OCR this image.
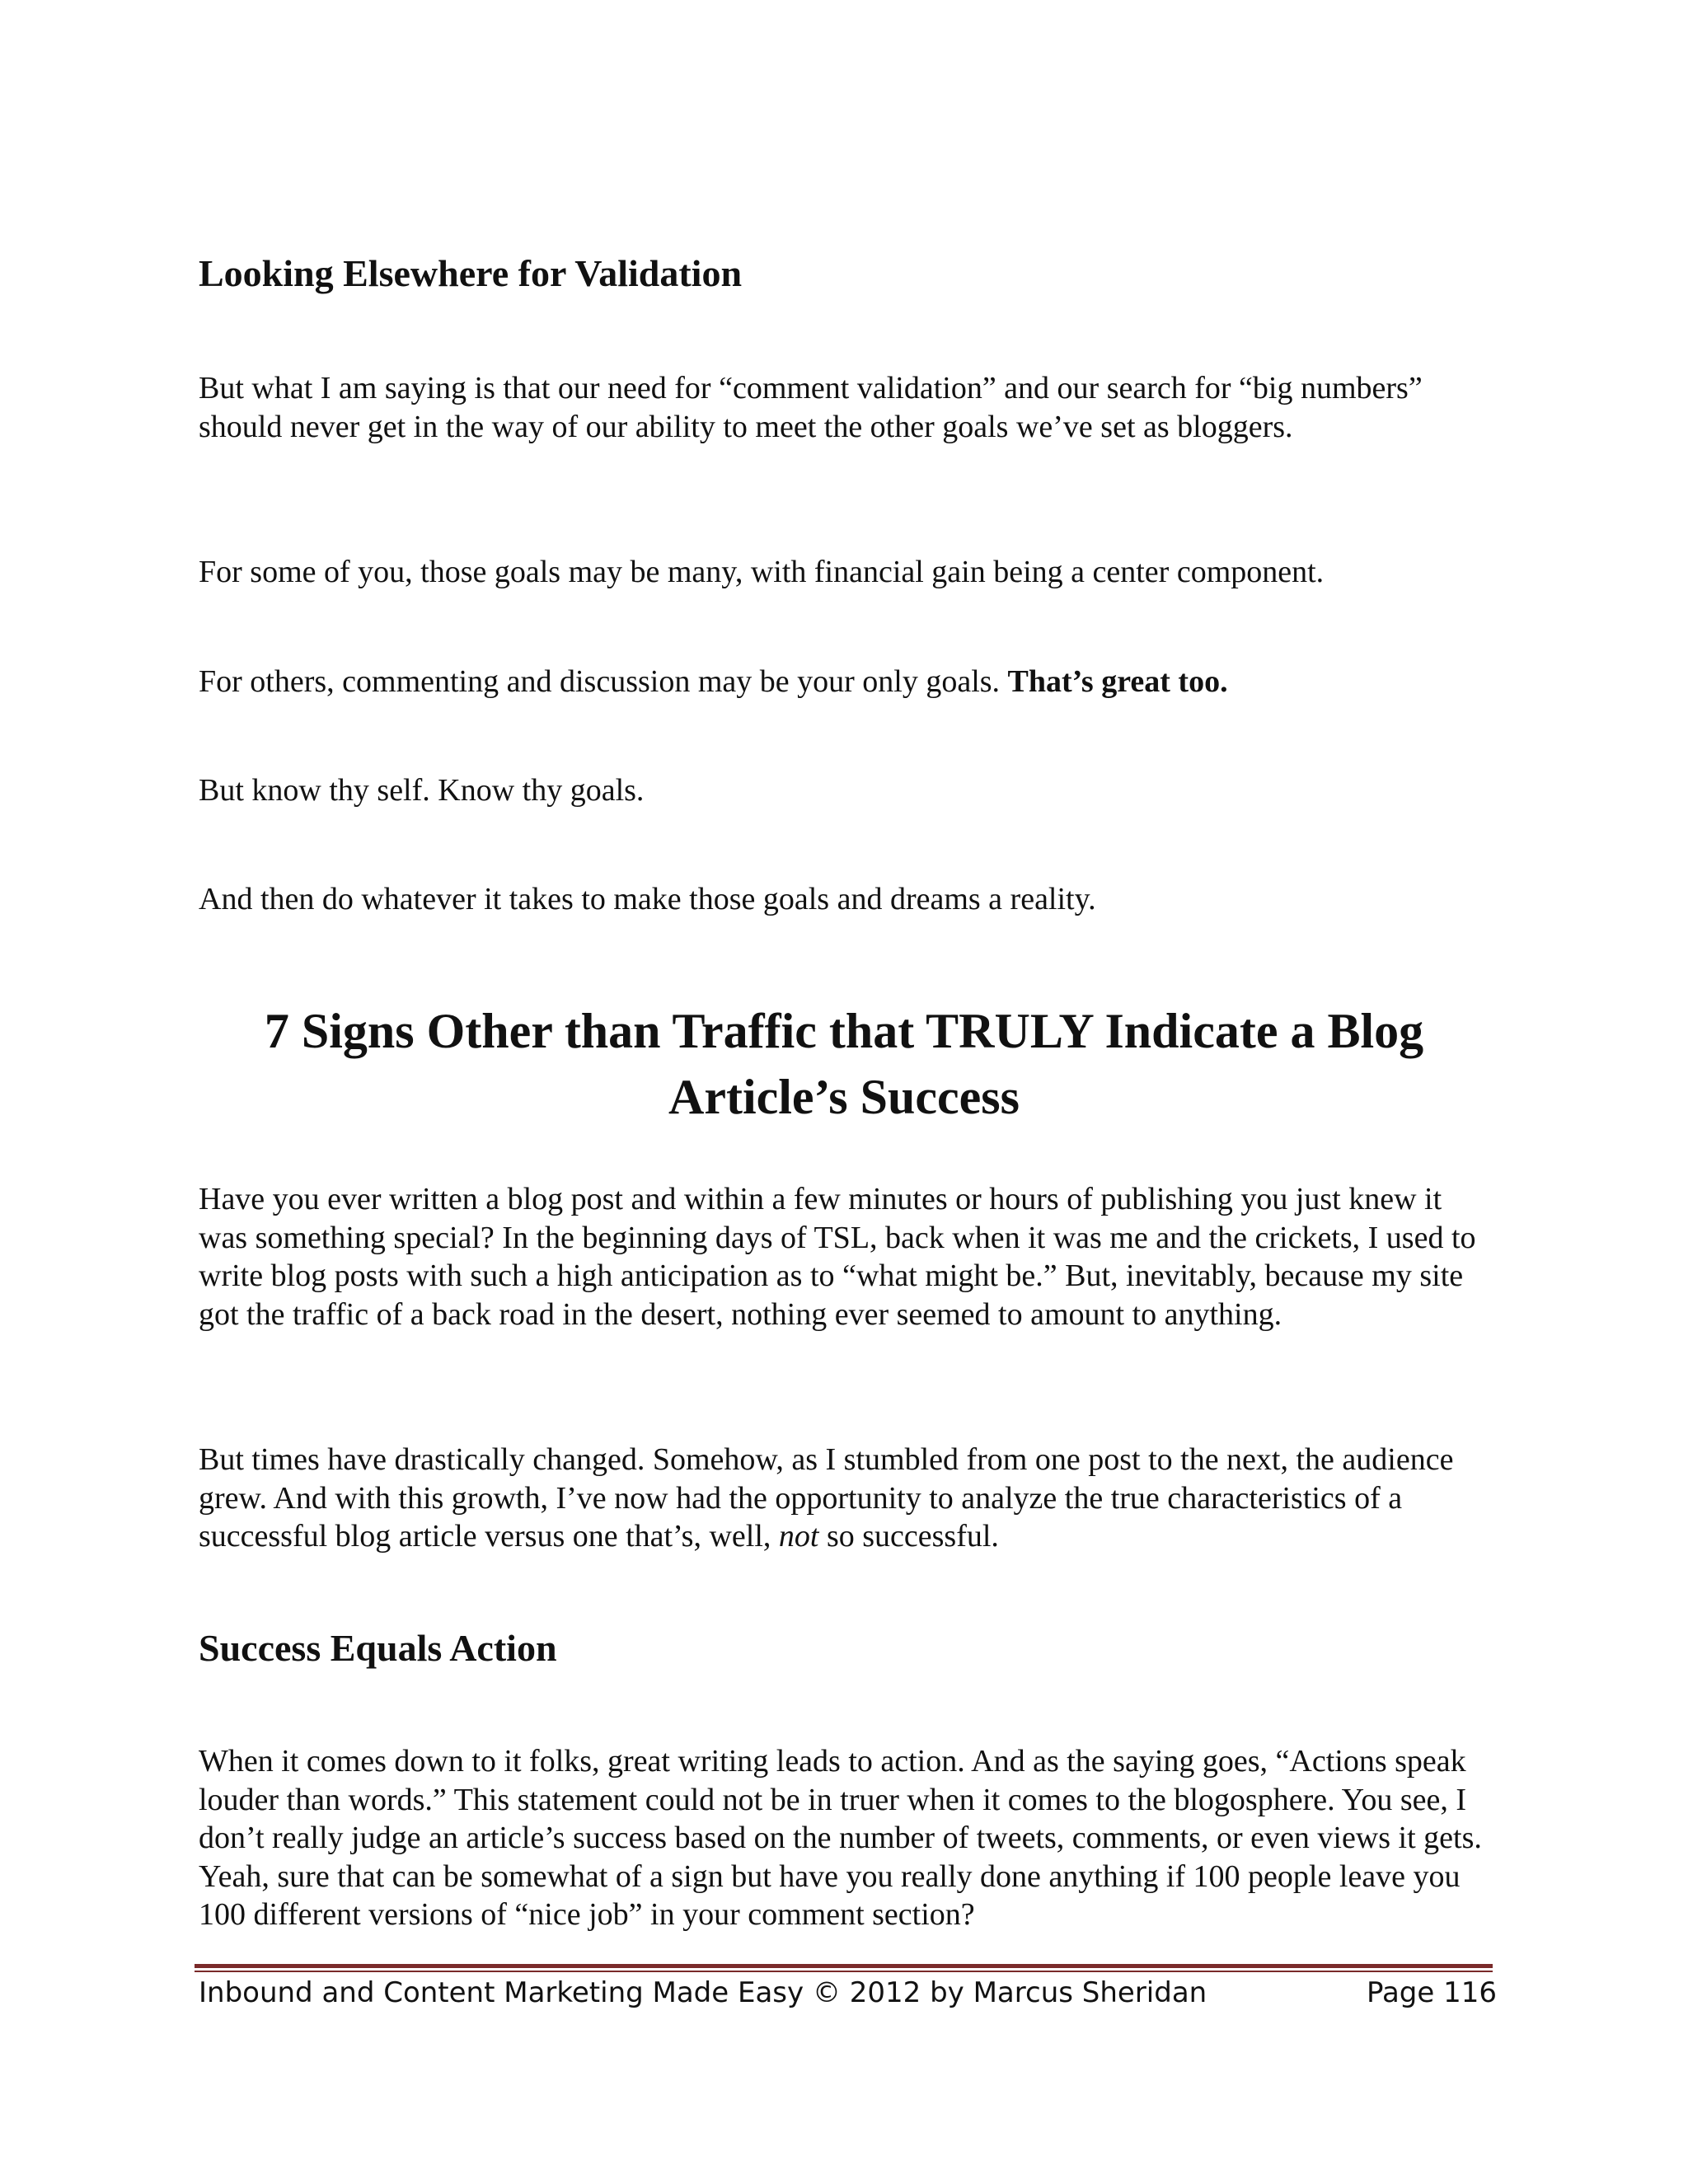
Looking Elsewhere for Validation

But what I am saying is that our need for “comment validation” and our search for “big numbers” should never get in the way of our ability to meet the other goals we’ve set as bloggers.

For some of you, those goals may be many, with financial gain being a center component.

For others, commenting and discussion may be your only goals. That’s great too.

But know thy self. Know thy goals.

And then do whatever it takes to make those goals and dreams a reality.

7 Signs Other than Traffic that TRULY Indicate a Blog
Article’s Success

Have you ever written a blog post and within a few minutes or hours of publishing you just knew it was something special? In the beginning days of TSL, back when it was me and the crickets, I used to write blog posts with such a high anticipation as to “what might be.” But, inevitably, because my site got the traffic of a back road in the desert, nothing ever seemed to amount to anything.

But times have drastically changed. Somehow, as I stumbled from one post to the next, the audience grew. And with this growth, I’ve now had the opportunity to analyze the true characteristics of a successful blog article versus one that’s, well, not so successful.

Success Equals Action

When it comes down to it folks, great writing leads to action. And as the saying goes, “Actions speak louder than words.” This statement could not be in truer when it comes to the blogosphere. You see, I don’t really judge an article’s success based on the number of tweets, comments, or even views it gets. Yeah, sure that can be somewhat of a sign but have you really done anything if 100 people leave you 100 different versions of “nice job” in your comment section?

Inbound and Content Marketing Made Easy © 2012 by Marcus Sheridan	Page 116
